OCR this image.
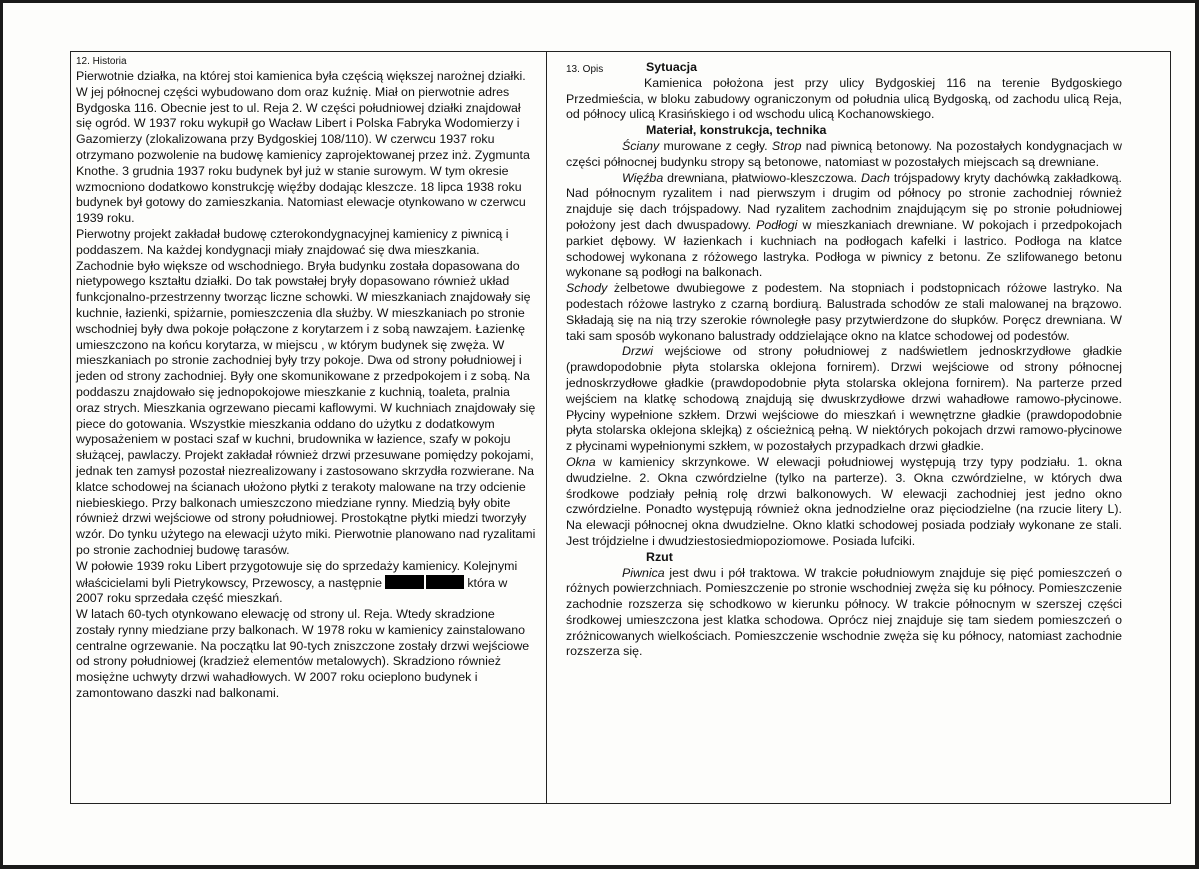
12. Historia

Pierwotnie działka, na której stoi kamienica była częścią większej narożnej działki. W jej północnej części wybudowano dom oraz kuźnię. Miał on pierwotnie adres Bydgoska 116. Obecnie jest to ul. Reja 2. W części południowej działki znajdował się ogród. W 1937 roku wykupił go Wacław Libert i Polska Fabryka Wodomierzy i Gazomierzy (zlokalizowana przy Bydgoskiej 108/110). W czerwcu 1937 roku otrzymano pozwolenie na budowę kamienicy zaprojektowanej przez inż. Zygmunta Knothe. 3 grudnia 1937 roku budynek był już w stanie surowym. W tym okresie wzmocniono dodatkowo konstrukcję więźby dodając kleszcze. 18 lipca 1938 roku budynek był gotowy do zamieszkania. Natomiast elewacje otynkowano w czerwcu 1939 roku.

Pierwotny projekt zakładał budowę czterokondygnacyjnej kamienicy z piwnicą i poddaszem. Na każdej kondygnacji miały znajdować się dwa mieszkania. Zachodnie było większe od wschodniego. Bryła budynku została dopasowana do nietypowego kształtu działki. Do tak powstałej bryły dopasowano również układ funkcjonalno-przestrzenny tworząc liczne schowki. W mieszkaniach znajdowały się kuchnie, łazienki, spiżarnie, pomieszczenia dla służby. W mieszkaniach po stronie wschodniej były dwa pokoje połączone z korytarzem i z sobą nawzajem. Łazienkę umieszczono na końcu korytarza, w miejscu , w którym budynek się zwęża. W mieszkaniach po stronie zachodniej były trzy pokoje. Dwa od strony południowej i jeden od strony zachodniej. Były one skomunikowane z przedpokojem i z sobą. Na poddaszu znajdowało się jednopokojowe mieszkanie z kuchnią, toaleta, pralnia oraz strych. Mieszkania ogrzewano piecami kaflowymi. W kuchniach znajdowały się piece do gotowania. Wszystkie mieszkania oddano do użytku z dodatkowym wyposażeniem w postaci szaf w kuchni, brudownika w łazience, szafy w pokoju służącej, pawlaczy. Projekt zakładał również drzwi przesuwane pomiędzy pokojami, jednak ten zamysł pozostał niezrealizowany i zastosowano skrzydła rozwierane. Na klatce schodowej na ścianach ułożono płytki z terakoty malowane na trzy odcienie niebieskiego. Przy balkonach umieszczono miedziane rynny. Miedzią były obite również drzwi wejściowe od strony południowej. Prostokątne płytki miedzi tworzyły wzór. Do tynku użytego na elewacji użyto miki. Pierwotnie planowano nad ryzalitami po stronie zachodniej budowę tarasów.

W połowie 1939 roku Libert przygotowuje się do sprzedaży kamienicy. Kolejnymi właścicielami byli Pietrykowscy, Przewoscy, a następnie	która w 2007 roku sprzedała część mieszkań.

W latach 60-tych otynkowano elewację od strony ul. Reja. Wtedy skradzione zostały rynny miedziane przy balkonach. W 1978 roku w kamienicy zainstalowano centralne ogrzewanie. Na początku lat 90-tych zniszczone zostały drzwi wejściowe od strony południowej (kradzież elementów metalowych). Skradziono również mosiężne uchwyty drzwi wahadłowych. W 2007 roku ocieplono budynek i zamontowano daszki nad balkonami.

13. Opis	Sytuacja

Kamienica położona jest przy ulicy Bydgoskiej 116 na terenie Bydgoskiego Przedmieścia, w bloku zabudowy ograniczonym od południa ulicą Bydgoską, od zachodu ulicą Reja, od północy ulicą Krasińskiego i od wschodu ulicą Kochanowskiego.

Materiał, konstrukcja, technika

Ściany murowane z cegły. Strop nad piwnicą betonowy. Na pozostałych kondygnacjach w części północnej budynku stropy są betonowe, natomiast w pozostałych miejscach są drewniane.

Więźba drewniana, płatwiowo-kleszczowa. Dach trójspadowy kryty dachówką zakładkową. Nad północnym ryzalitem i nad pierwszym i drugim od północy po stronie zachodniej również znajduje się dach trójspadowy. Nad ryzalitem zachodnim znajdującym się po stronie południowej położony jest dach dwuspadowy. Podłogi w mieszkaniach drewniane. W pokojach i przedpokojach parkiet dębowy. W łazienkach i kuchniach na podłogach kafelki i lastrico. Podłoga na klatce schodowej wykonana z różowego lastryka. Podłoga w piwnicy z betonu. Ze szlifowanego betonu wykonane są podłogi na balkonach.

Schody żelbetowe dwubiegowe z podestem. Na stopniach i podstopnicach różowe lastryko. Na podestach różowe lastryko z czarną bordiurą. Balustrada schodów ze stali malowanej na brązowo. Składają się na nią trzy szerokie równoległe pasy przytwierdzone do słupków. Poręcz drewniana. W taki sam sposób wykonano balustrady oddzielające okno na klatce schodowej od podestów.

Drzwi wejściowe od strony południowej z nadświetlem jednoskrzydłowe gładkie (prawdopodobnie płyta stolarska oklejona fornirem). Drzwi wejściowe od strony północnej jednoskrzydłowe gładkie (prawdopodobnie płyta stolarska oklejona fornirem). Na parterze przed wejściem na klatkę schodową znajdują się dwuskrzydłowe drzwi wahadłowe ramowo-płycinowe. Płyciny wypełnione szkłem. Drzwi wejściowe do mieszkań i wewnętrzne gładkie (prawdopodobnie płyta stolarska oklejona sklejką) z ościeżnicą pełną. W niektórych pokojach drzwi ramowo-płycinowe z płycinami wypełnionymi szkłem, w pozostałych przypadkach drzwi gładkie.

Okna w kamienicy skrzynkowe. W elewacji południowej występują trzy typy podziału. 1. okna dwudzielne. 2. Okna czwórdzielne (tylko na parterze). 3. Okna czwórdzielne, w których dwa środkowe podziały pełnią rolę drzwi balkonowych. W elewacji zachodniej jest jedno okno czwórdzielne. Ponadto występują również okna jednodzielne oraz pięciodzielne (na rzucie litery L). Na elewacji północnej okna dwudzielne. Okno klatki schodowej posiada podziały wykonane ze stali. Jest trójdzielne i dwudziestosiedmiopoziomowe. Posiada lufciki.

Rzut

Piwnica jest dwu i pół traktowa. W trakcie południowym znajduje się pięć pomieszczeń o różnych powierzchniach. Pomieszczenie po stronie wschodniej zwęża się ku północy. Pomieszczenie zachodnie rozszerza się schodkowo w kierunku północy. W trakcie północnym w szerszej części środkowej umieszczona jest klatka schodowa. Oprócz niej znajduje się tam siedem pomieszczeń o zróżnicowanych wielkościach. Pomieszczenie wschodnie zwęża się ku północy, natomiast zachodnie rozszerza się.
